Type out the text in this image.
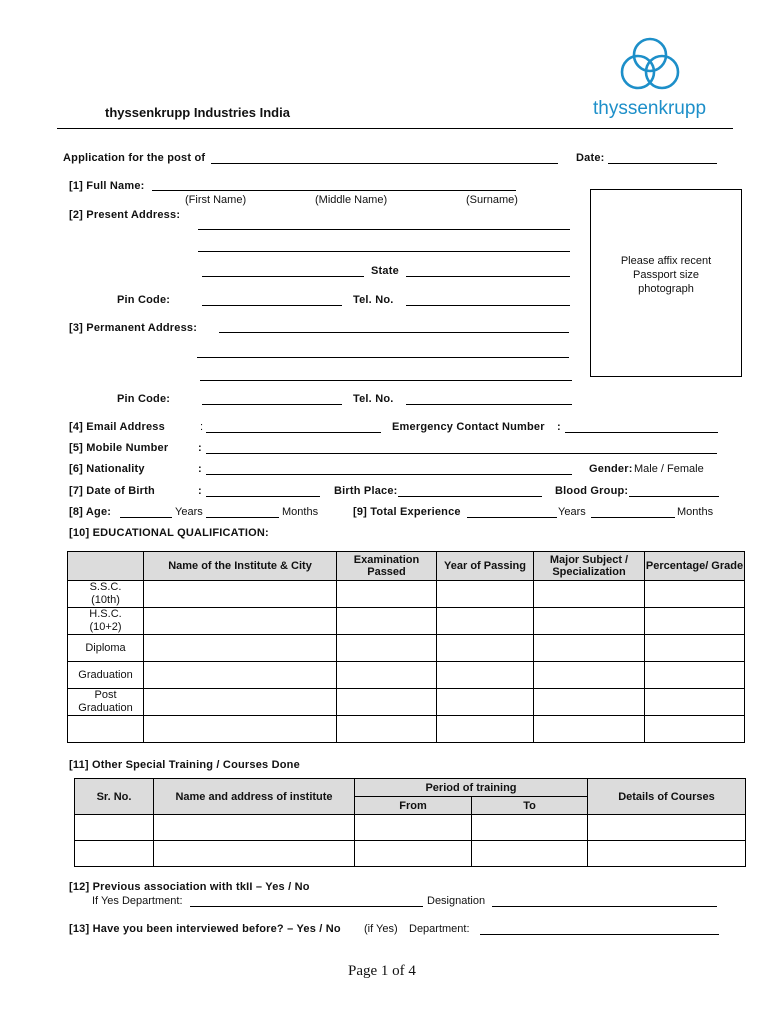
thyssenkrupp
thyssenkrupp Industries India
Application for the post of	Date:
[1] Full Name:
(First Name)	(Middle Name)	(Surname)
Please affix recent
Passport size
photograph
[2] Present Address:
State
Pin Code:	Tel. No.
[3] Permanent Address:
Pin Code:	Tel. No.
[4] Email Address	:	Emergency Contact Number :
[5] Mobile Number	:
[6] Nationality	:	Gender: Male / Female
[7] Date of Birth	:	Birth Place:	Blood Group:
[8] Age:	Years	Months	[9] Total Experience	Years	Months
[10] EDUCATIONAL QUALIFICATION:
	Name of the Institute & City	Examination Passed	Year of Passing	Major Subject / Specialization	Percentage/ Grade

S.S.C.
(10th)					

H.S.C.
(10+2)					

Diploma					

Graduation					

Post
Graduation					

[11] Other Special Training / Courses Done
Sr. No.	Name and address of institute	Period of training		Details of Courses
		From	To	

[12] Previous association with tkII – Yes / No
If Yes Department:	Designation
[13] Have you been interviewed before? – Yes / No (if Yes) Department:
Page 1 of 4
